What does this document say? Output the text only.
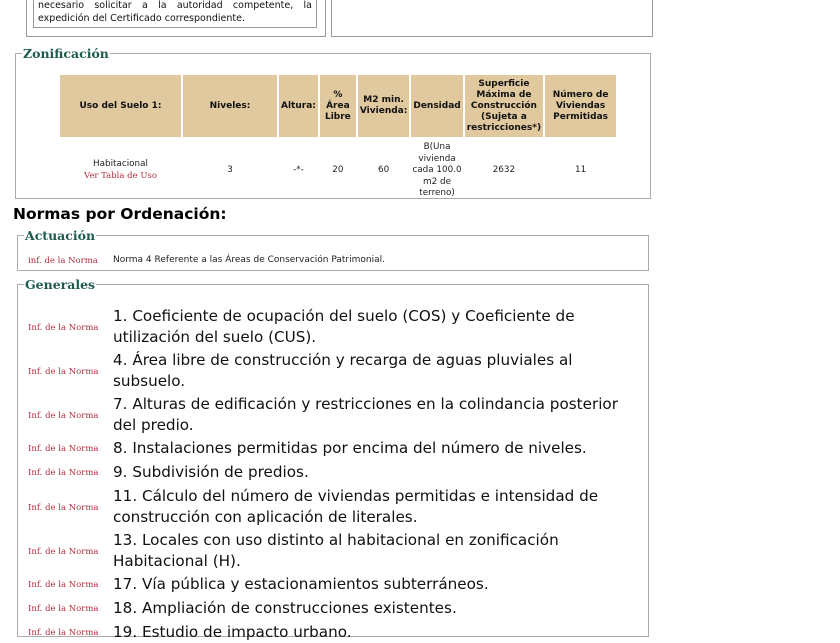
necesario solicitar a la autoridad competente, la expedición del Certificado correspondiente.
Zonificación
Uso del Suelo 1:	Niveles:	Altura:	% Área Libre	M2 min. Vivienda:	Densidad	Superficie Máxima de Construcción (Sujeta a restricciones*)	Número de Viviendas Permitidas

Habitacional
Ver Tabla de Uso	3	-*-	20	60	B(Una vivienda cada 100.0 m2 de terreno)	2632	11
Normas por Ordenación:
Actuación
inf. de la Norma Norma 4 Referente a las Áreas de Conservación Patrimonial.
Generales
Inf. de la Norma
1. Coeficiente de ocupación del suelo (COS) y Coeficiente de utilización del suelo (CUS).
Inf. de la Norma
4. Área libre de construcción y recarga de aguas pluviales al subsuelo.
Inf. de la Norma
7. Alturas de edificación y restricciones en la colindancia posterior del predio.
Inf. de la Norma 8. Instalaciones permitidas por encima del número de niveles.
Inf. de la Norma 9. Subdivisión de predios.
Inf. de la Norma
11. Cálculo del número de viviendas permitidas e intensidad de construcción con aplicación de literales.
Inf. de la Norma
13. Locales con uso distinto al habitacional en zonificación Habitacional (H).
Inf. de la Norma 17. Vía pública y estacionamientos subterráneos.
Inf. de la Norma 18. Ampliación de construcciones existentes.
Inf. de la Norma 19. Estudio de impacto urbano.
